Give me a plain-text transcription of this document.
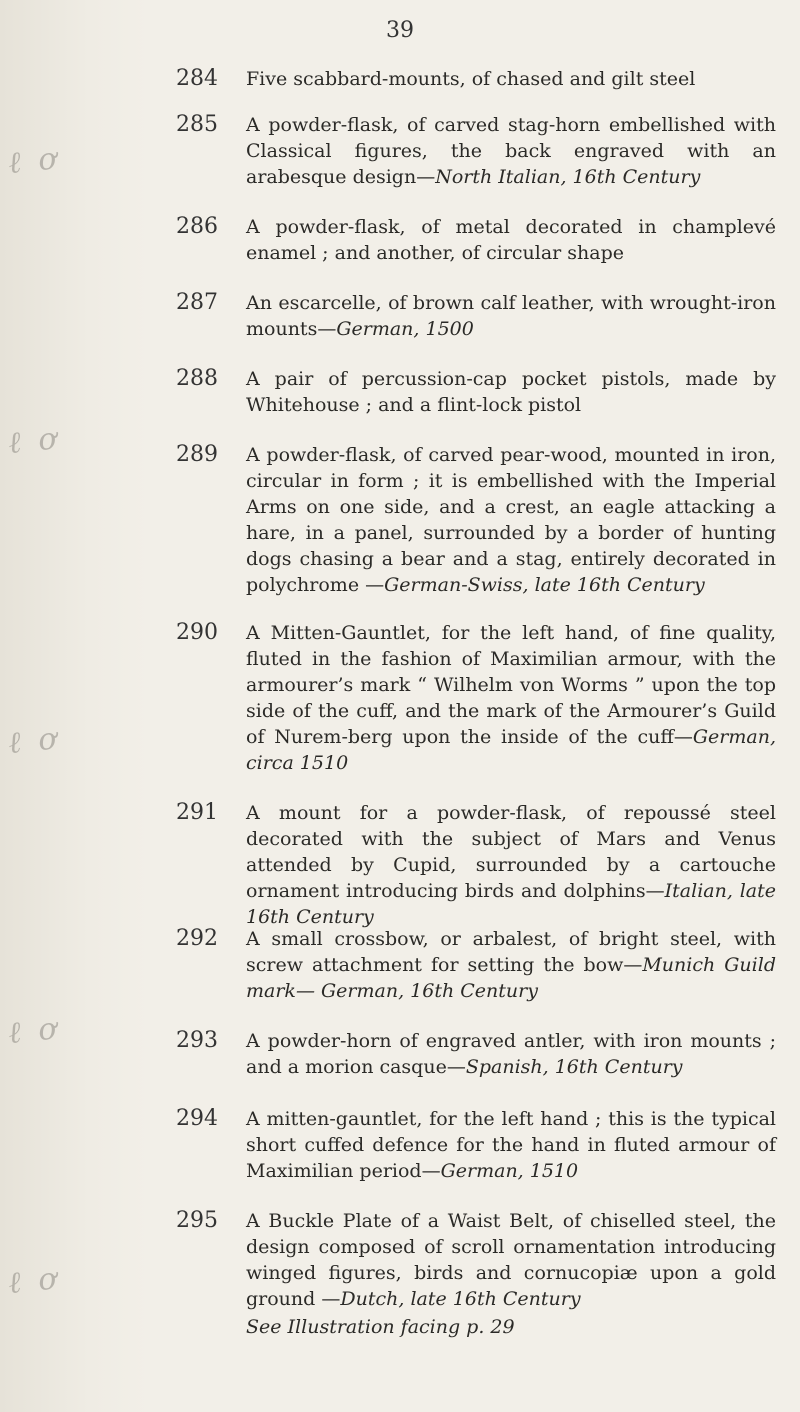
ℓ ơ
ℓ ơ
ℓ ơ
ℓ ơ
ℓ ơ
39
284	Five scabbard-mounts, of chased and gilt steel
285	A powder-flask, of carved stag-horn embellished with Classical figures, the back engraved with an arabesque design—North Italian, 16th Century
286	A powder-flask, of metal decorated in champlevé enamel ; and another, of circular shape
287	An escarcelle, of brown calf leather, with wrought-iron mounts—German, 1500
288	A pair of percussion-cap pocket pistols, made by Whitehouse ; and a flint-lock pistol
289	A powder-flask, of carved pear-wood, mounted in iron, circular in form ; it is embellished with the Imperial Arms on one side, and a crest, an eagle attacking a hare, in a panel, surrounded by a border of hunting dogs chasing a bear and a stag, entirely decorated in polychrome —German-Swiss, late 16th Century
290	A Mitten-Gauntlet, for the left hand, of fine quality, fluted in the fashion of Maximilian armour, with the armourer’s mark “ Wilhelm von Worms ” upon the top side of the cuff, and the mark of the Armourer’s Guild of Nurem-berg upon the inside of the cuff—German, circa 1510
291	A mount for a powder-flask, of repoussé steel decorated with the subject of Mars and Venus attended by Cupid, surrounded by a cartouche ornament introducing birds and dolphins—Italian, late 16th Century
292	A small crossbow, or arbalest, of bright steel, with screw attachment for setting the bow—Munich Guild mark— German, 16th Century
293	A powder-horn of engraved antler, with iron mounts ; and a morion casque—Spanish, 16th Century
294	A mitten-gauntlet, for the left hand ; this is the typical short cuffed defence for the hand in fluted armour of Maximilian period—German, 1510
295	A Buckle Plate of a Waist Belt, of chiselled steel, the design composed of scroll ornamentation introducing winged figures, birds and cornucopiæ upon a gold ground —Dutch, late 16th Century
See Illustration facing p. 29
